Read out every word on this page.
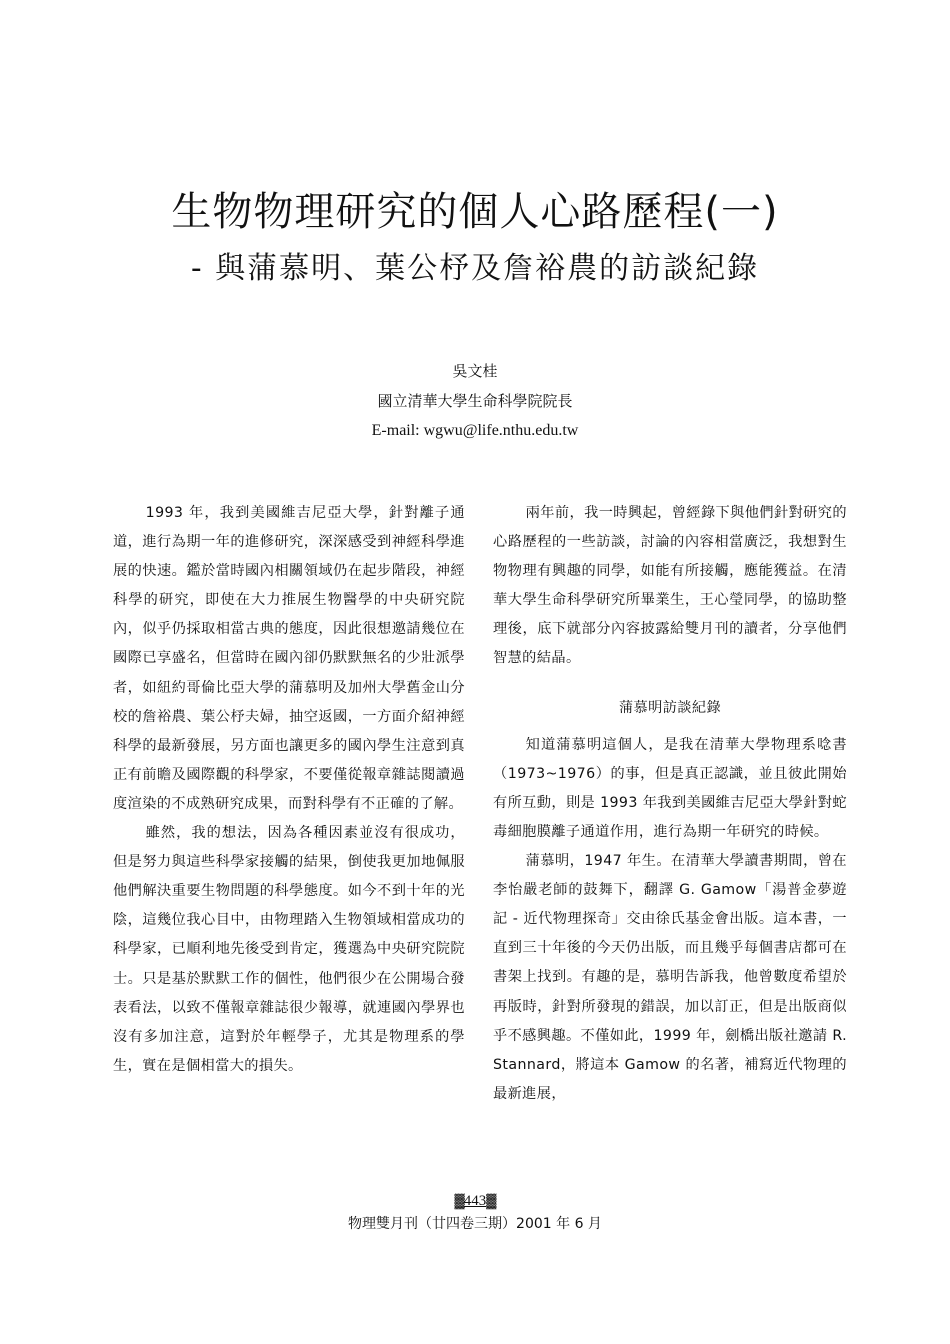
生物物理研究的個人心路歷程(一)
- 與蒲慕明、葉公杼及詹裕農的訪談紀錄
吳文桂
國立清華大學生命科學院院長
E-mail: wgwu@life.nthu.edu.tw

1993 年，我到美國維吉尼亞大學，針對離子通道，進行為期一年的進修研究，深深感受到神經科學進展的快速。鑑於當時國內相關領域仍在起步階段，神經科學的研究，即使在大力推展生物醫學的中央研究院內，似乎仍採取相當古典的態度，因此很想邀請幾位在國際已享盛名，但當時在國內卻仍默默無名的少壯派學者，如紐約哥倫比亞大學的蒲慕明及加州大學舊金山分校的詹裕農、葉公杼夫婦，抽空返國，一方面介紹神經科學的最新發展，另方面也讓更多的國內學生注意到真正有前瞻及國際觀的科學家，不要僅從報章雜誌閱讀過度渲染的不成熟研究成果，而對科學有不正確的了解。

雖然，我的想法，因為各種因素並沒有很成功，但是努力與這些科學家接觸的結果，倒使我更加地佩服他們解決重要生物問題的科學態度。如今不到十年的光陰，這幾位我心目中，由物理踏入生物領域相當成功的科學家，已順利地先後受到肯定，獲選為中央研究院院士。只是基於默默工作的個性，他們很少在公開場合發表看法，以致不僅報章雜誌很少報導，就連國內學界也沒有多加注意，這對於年輕學子，尤其是物理系的學生，實在是個相當大的損失。

兩年前，我一時興起，曾經錄下與他們針對研究的心路歷程的一些訪談，討論的內容相當廣泛，我想對生物物理有興趣的同學，如能有所接觸，應能獲益。在清華大學生命科學研究所畢業生，王心瑩同學，的協助整理後，底下就部分內容披露給雙月刊的讀者，分享他們智慧的結晶。

蒲慕明訪談紀錄

知道蒲慕明這個人，是我在清華大學物理系唸書（1973~1976）的事，但是真正認識，並且彼此開始有所互動，則是 1993 年我到美國維吉尼亞大學針對蛇毒細胞膜離子通道作用，進行為期一年研究的時候。

蒲慕明，1947 年生。在清華大學讀書期間，曾在李怡嚴老師的鼓舞下，翻譯 G. Gamow「湯普金夢遊記 - 近代物理探奇」交由徐氏基金會出版。這本書，一直到三十年後的今天仍出版，而且幾乎每個書店都可在書架上找到。有趣的是，慕明告訴我，他曾數度希望於再版時，針對所發現的錯誤，加以訂正，但是出版商似乎不感興趣。不僅如此，1999 年，劍橋出版社邀請 R. Stannard，將這本 Gamow 的名著，補寫近代物理的最新進展，

▓443▓
物理雙月刊（廿四卷三期）2001 年 6 月
